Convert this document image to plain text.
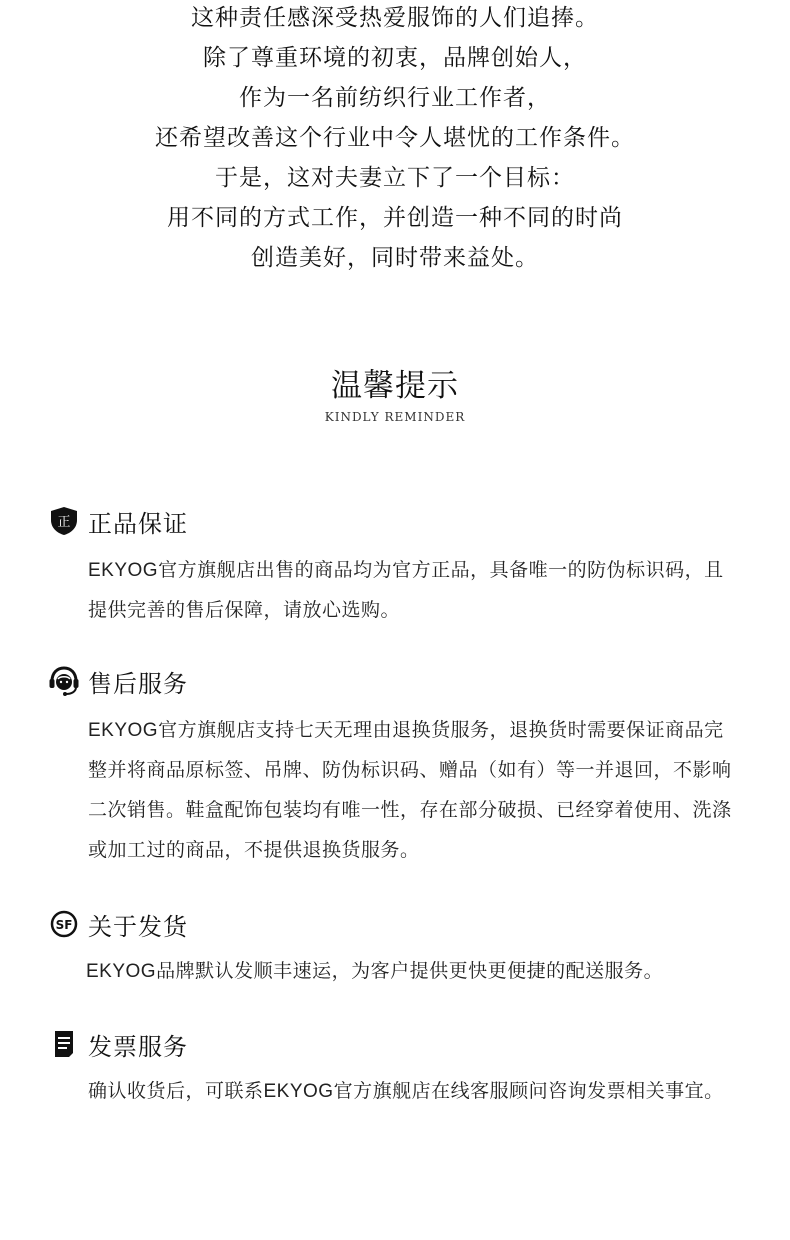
这种责任感深受热爱服饰的人们追捧。
除了尊重环境的初衷，品牌创始人，
作为一名前纺织行业工作者，
还希望改善这个行业中令人堪忧的工作条件。
于是，这对夫妻立下了一个目标：
用不同的方式工作，并创造一种不同的时尚
创造美好，同时带来益处。
温馨提示
KINDLY REMINDER
正 正品保证
EKYOG官方旗舰店出售的商品均为官方正品，具备唯一的防伪标识码，且提供完善的售后保障，请放心选购。
售后服务
EKYOG官方旗舰店支持七天无理由退换货服务，退换货时需要保证商品完整并将商品原标签、吊牌、防伪标识码、赠品（如有）等一并退回，不影响二次销售。鞋盒配饰包装均有唯一性，存在部分破损、已经穿着使用、洗涤或加工过的商品，不提供退换货服务。
SF 关于发货
EKYOG品牌默认发顺丰速运，为客户提供更快更便捷的配送服务。
发票服务
确认收货后，可联系EKYOG官方旗舰店在线客服顾问咨询发票相关事宜。
